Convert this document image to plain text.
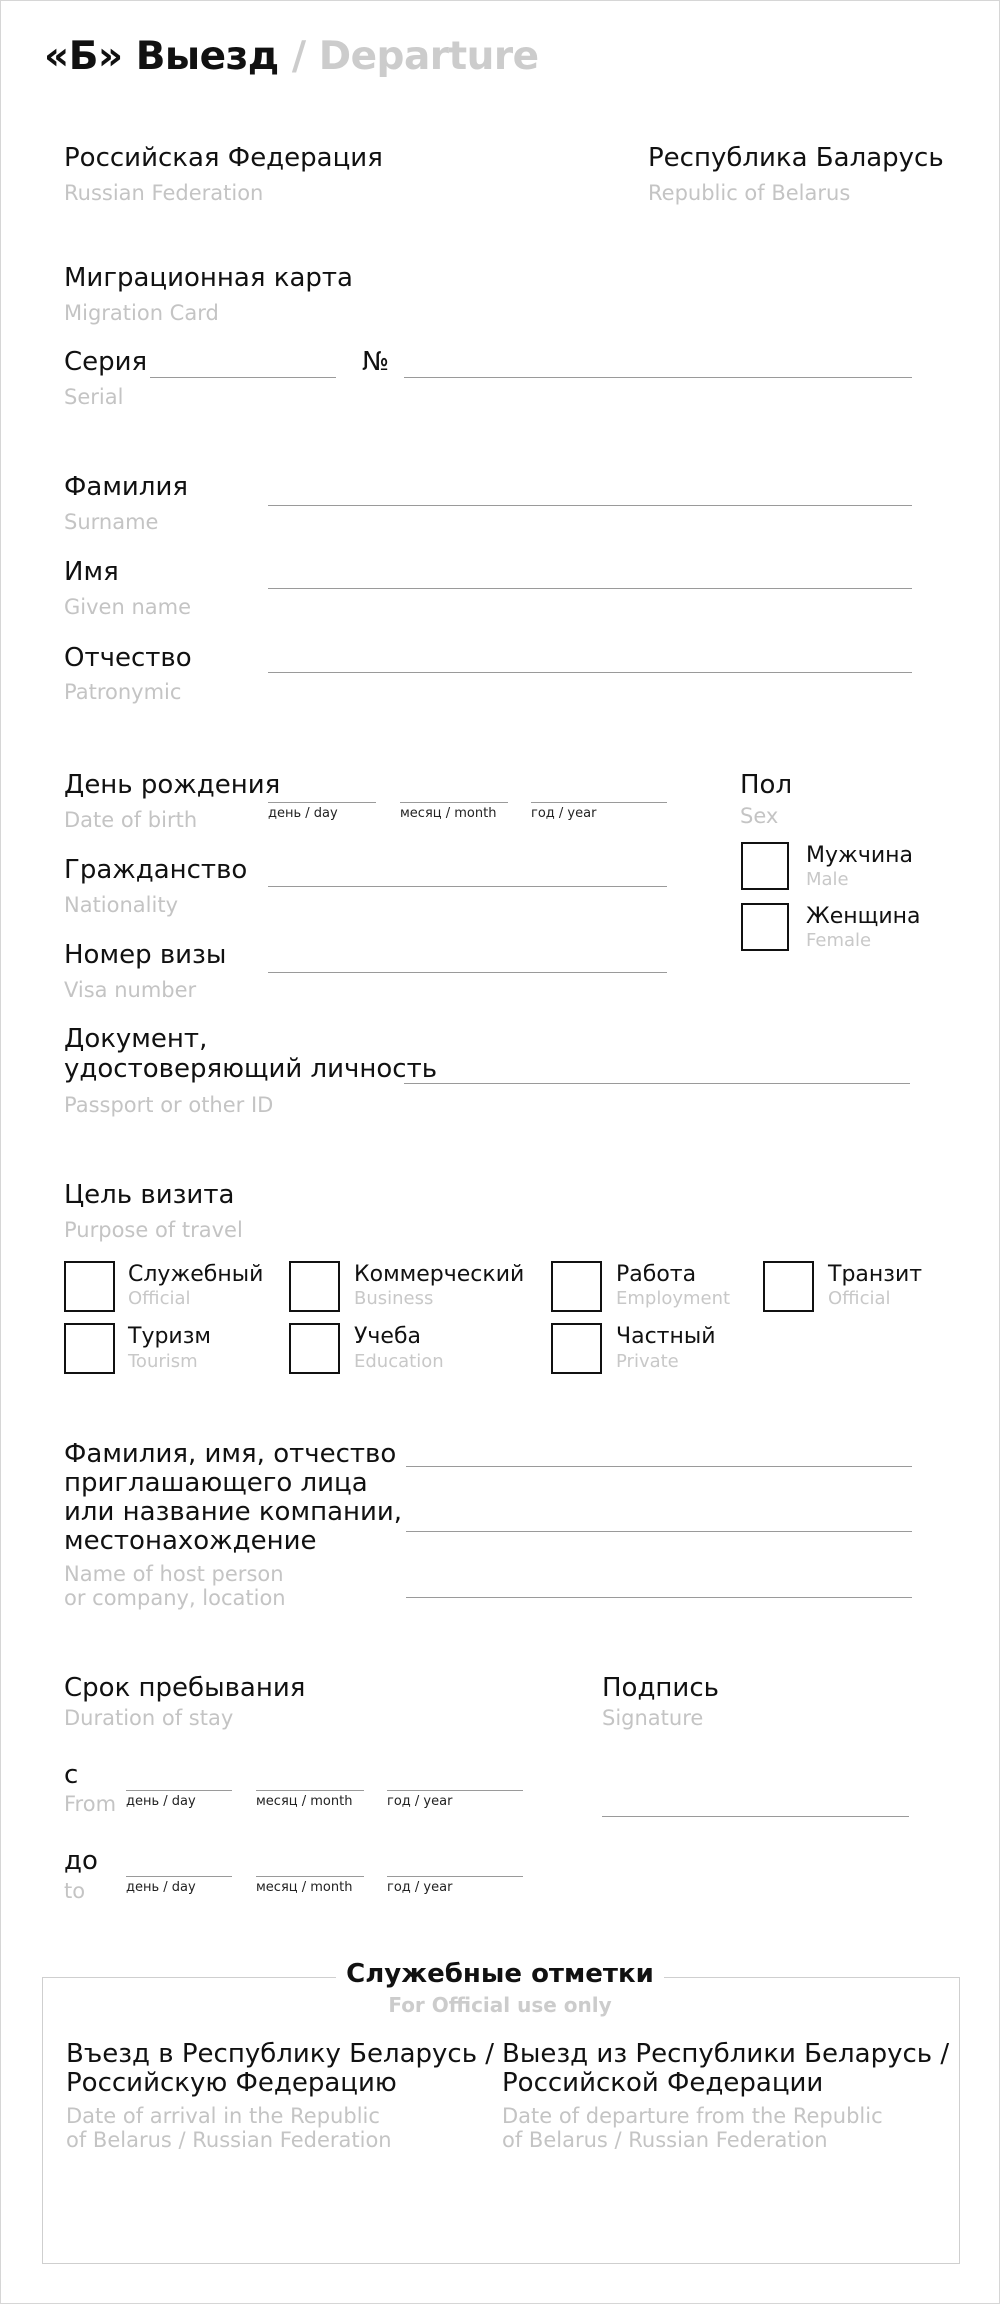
«Б» Выезд / Departure
Российская Федерация
Russian Federation
Республика Баларусь
Republic of Belarus
Миграционная карта
Migration Card
Серия
Serial
№
Фамилия
Surname
Имя
Given name
Отчество
Patronymic
День рождения
Date of birth	день / day	месяц / month	год / year
Гражданство
Nationality
Номер визы
Visa number
Пол
Sex
Мужчина
Male
Женщина
Female
Документ,
удостоверяющий личность
Passport or other ID
Цель визита
Purpose of travel
Служебный
Official
Коммерческий
Business
Работа
Employment
Транзит
Official
Туризм
Tourism
Учеба
Education
Частный
Private
Фамилия, имя, отчество
приглашающего лица
или название компании,
местонахождение
Name of host person
or company, location
Срок пребывания
Duration of stay
с
From день / day	месяц / month	год / year
до
to	день / day	месяц / month	год / year
Подпись
Signature
Служебные отметки
For Official use only
Въезд в Республику Беларусь /
Российскую Федерацию
Date of arrival in the Republic
of Belarus / Russian Federation
Выезд из Республики Беларусь /
Российской Федерации
Date of departure from the Republic
of Belarus / Russian Federation
